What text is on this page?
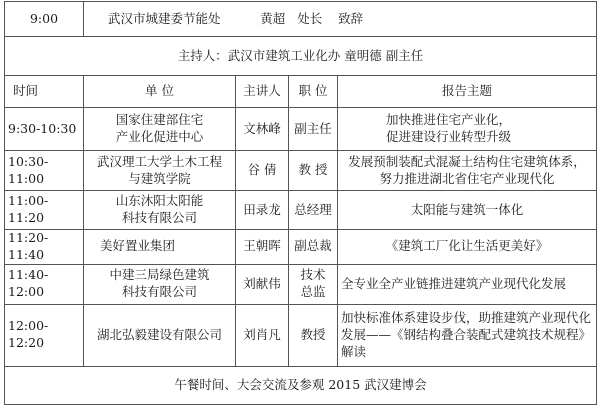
9:00	武汉市城建委节能处 黄超 处长 致辞			
主持人：武汉市建筑工业化办 童明德 副主任				
时间	单 位	主讲人	职 位	报告主题
9:30-10:30	国家住建部住宅
产业化促进中心	文林峰	副主任	加快推进住宅产业化，
促进建设行业转型升级
10:30-11:00	武汉理工大学土木工程
与建筑学院	谷 倩	教 授	发展预制装配式混凝土结构住宅建筑体系，
努力推进湖北省住宅产业现代化
11:00-11:20	山东沐阳太阳能
科技有限公司	田录龙	总经理	太阳能与建筑一体化
11:20-11:40	美好置业集团	王朝晖	副总裁	《建筑工厂化让生活更美好》
11:40-12:00	中建三局绿色建筑
科技有限公司	刘献伟	技术
总监	全专业全产业链推进建筑产业现代化发展
12:00-12:20	湖北弘毅建设有限公司	刘肖凡	教授	加快标准体系建设步伐，助推建筑产业现代化
发展——《钢结构叠合装配式建筑技术规程》
解读
午餐时间、大会交流及参观 2015 武汉建博会				
